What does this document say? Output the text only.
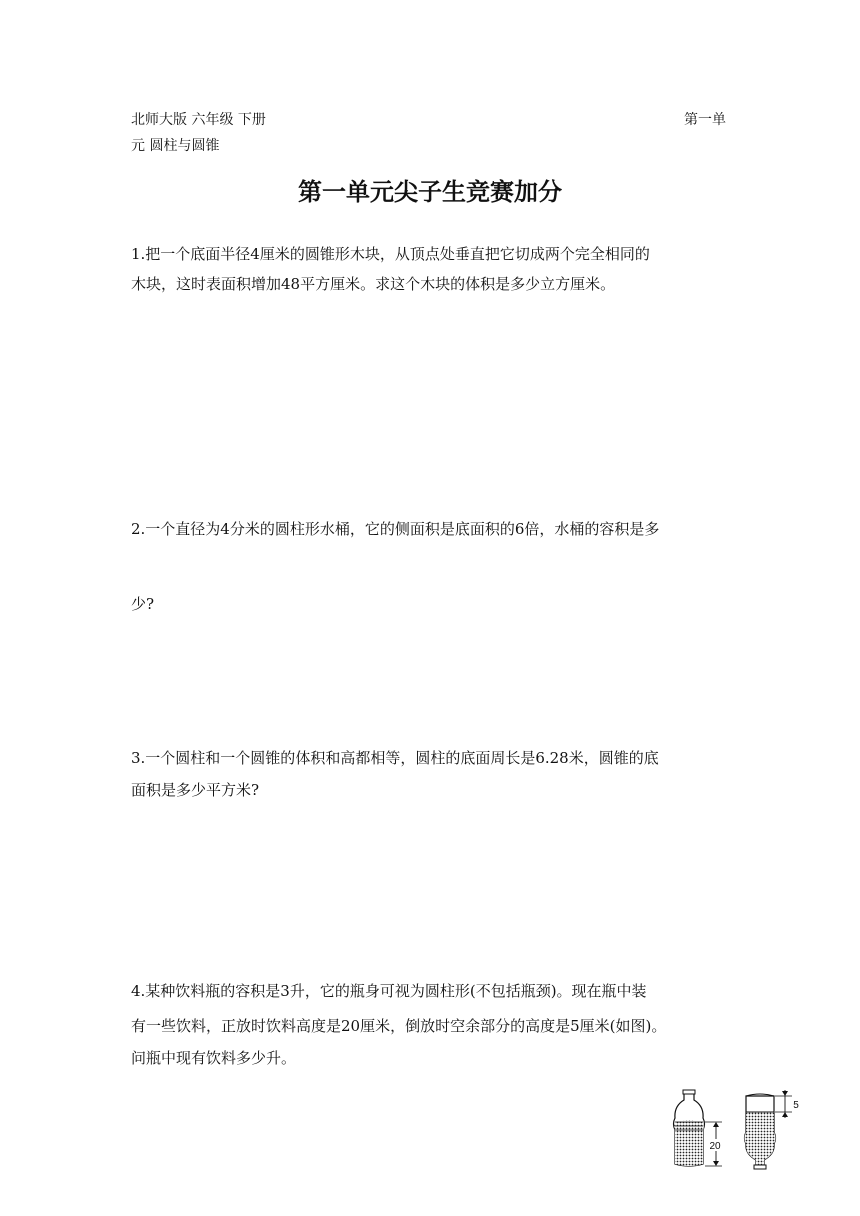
北师大版 六年级 下册	第一单
元 圆柱与圆锥
第一单元尖子生竞赛加分
1.把一个底面半径4厘米的圆锥形木块，从顶点处垂直把它切成两个完全相同的
木块，这时表面积增加48平方厘米。求这个木块的体积是多少立方厘米。
2.一个直径为4分米的圆柱形水桶，它的侧面积是底面积的6倍，水桶的容积是多
少?
3.一个圆柱和一个圆锥的体积和高都相等，圆柱的底面周长是6.28米，圆锥的底
面积是多少平方米?
4.某种饮料瓶的容积是3升，它的瓶身可视为圆柱形(不包括瓶颈)。现在瓶中装
有一些饮料，正放时饮料高度是20厘米，倒放时空余部分的高度是5厘米(如图)。
问瓶中现有饮料多少升。
20
5
